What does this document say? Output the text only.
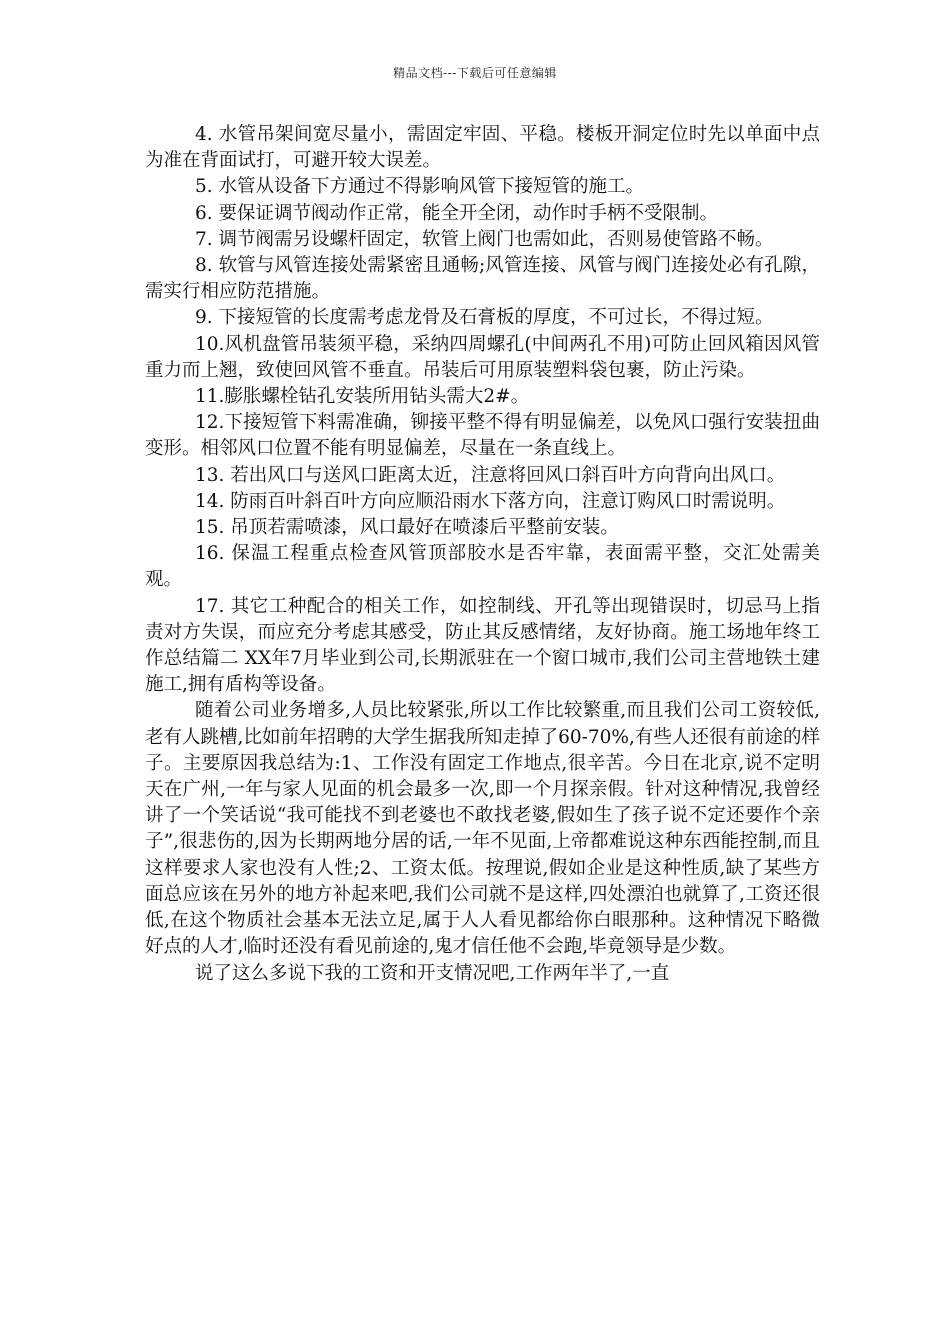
精品文档---下载后可任意编辑

4. 水管吊架间宽尽量小，需固定牢固、平稳。楼板开洞定位时先以单面中点为准在背面试打，可避开较大误差。

5. 水管从设备下方通过不得影响风管下接短管的施工。

6. 要保证调节阀动作正常，能全开全闭，动作时手柄不受限制。

7. 调节阀需另设螺杆固定，软管上阀门也需如此，否则易使管路不畅。

8. 软管与风管连接处需紧密且通畅;风管连接、风管与阀门连接处必有孔隙，需实行相应防范措施。

9. 下接短管的长度需考虑龙骨及石膏板的厚度，不可过长，不得过短。

10.风机盘管吊装须平稳，采纳四周螺孔(中间两孔不用)可防止回风箱因风管重力而上翘，致使回风管不垂直。吊装后可用原装塑料袋包裹，防止污染。

11.膨胀螺栓钻孔安装所用钻头需大2#。

12.下接短管下料需准确，铆接平整不得有明显偏差，以免风口强行安装扭曲变形。相邻风口位置不能有明显偏差，尽量在一条直线上。

13. 若出风口与送风口距离太近，注意将回风口斜百叶方向背向出风口。

14. 防雨百叶斜百叶方向应顺沿雨水下落方向，注意订购风口时需说明。

15. 吊顶若需喷漆，风口最好在喷漆后平整前安装。

16. 保温工程重点检查风管顶部胶水是否牢靠，表面需平整，交汇处需美观。

17. 其它工种配合的相关工作，如控制线、开孔等出现错误时，切忌马上指责对方失误，而应充分考虑其感受，防止其反感情绪，友好协商。施工场地年终工作总结篇二 XX年7月毕业到公司,长期派驻在一个窗口城市,我们公司主营地铁土建施工,拥有盾构等设备。

随着公司业务增多,人员比较紧张,所以工作比较繁重,而且我们公司工资较低,老有人跳槽,比如前年招聘的大学生据我所知走掉了60-70%,有些人还很有前途的样子。主要原因我总结为:1、工作没有固定工作地点,很辛苦。今日在北京,说不定明天在广州,一年与家人见面的机会最多一次,即一个月探亲假。针对这种情况,我曾经讲了一个笑话说“我可能找不到老婆也不敢找老婆,假如生了孩子说不定还要作个亲子”,很悲伤的,因为长期两地分居的话,一年不见面,上帝都难说这种东西能控制,而且这样要求人家也没有人性;2、工资太低。按理说,假如企业是这种性质,缺了某些方面总应该在另外的地方补起来吧,我们公司就不是这样,四处漂泊也就算了,工资还很低,在这个物质社会基本无法立足,属于人人看见都给你白眼那种。这种情况下略微好点的人才,临时还没有看见前途的,鬼才信任他不会跑,毕竟领导是少数。

说了这么多说下我的工资和开支情况吧,工作两年半了,一直
